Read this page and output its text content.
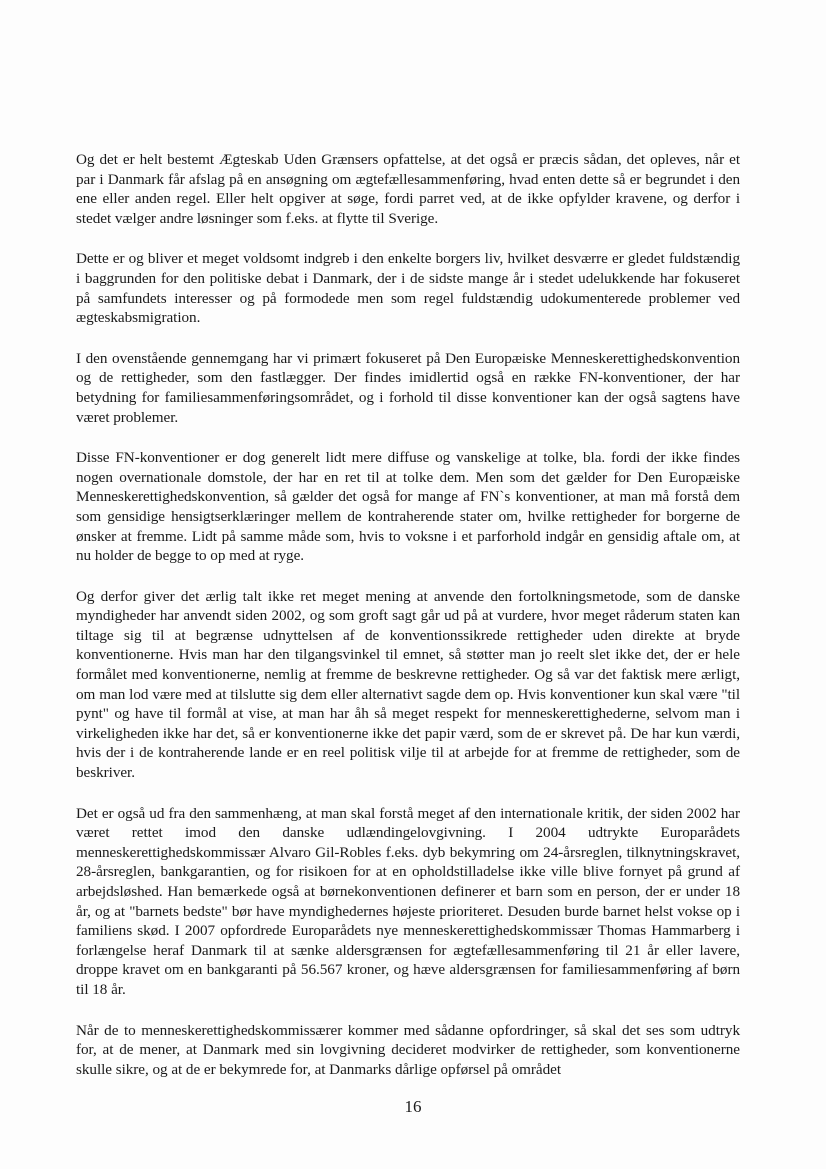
Og det er helt bestemt Ægteskab Uden Grænsers opfattelse, at det også er præcis sådan, det opleves, når et par i Danmark får afslag på en ansøgning om ægtefællesammenføring, hvad enten dette så er begrundet i den ene eller anden regel. Eller helt opgiver at søge, fordi parret ved, at de ikke opfylder kravene, og derfor i stedet vælger andre løsninger som f.eks. at flytte til Sverige.

Dette er og bliver et meget voldsomt indgreb i den enkelte borgers liv, hvilket desværre er gledet fuldstændig i baggrunden for den politiske debat i Danmark, der i de sidste mange år i stedet udelukkende har fokuseret på samfundets interesser og på formodede men som regel fuldstændig udokumenterede problemer ved ægteskabsmigration.

I den ovenstående gennemgang har vi primært fokuseret på Den Europæiske Menneskerettighedskonvention og de rettigheder, som den fastlægger. Der findes imidlertid også en række FN-konventioner, der har betydning for familiesammenføringsområdet, og i forhold til disse konventioner kan der også sagtens have været problemer.

Disse FN-konventioner er dog generelt lidt mere diffuse og vanskelige at tolke, bla. fordi der ikke findes nogen overnationale domstole, der har en ret til at tolke dem. Men som det gælder for Den Europæiske Menneskerettighedskonvention, så gælder det også for mange af FN`s konventioner, at man må forstå dem som gensidige hensigtserklæringer mellem de kontraherende stater om, hvilke rettigheder for borgerne de ønsker at fremme. Lidt på samme måde som, hvis to voksne i et parforhold indgår en gensidig aftale om, at nu holder de begge to op med at ryge.

Og derfor giver det ærlig talt ikke ret meget mening at anvende den fortolkningsmetode, som de danske myndigheder har anvendt siden 2002, og som groft sagt går ud på at vurdere, hvor meget råderum staten kan tiltage sig til at begrænse udnyttelsen af de konventionssikrede rettigheder uden direkte at bryde konventionerne. Hvis man har den tilgangsvinkel til emnet, så støtter man jo reelt slet ikke det, der er hele formålet med konventionerne, nemlig at fremme de beskrevne rettigheder. Og så var det faktisk mere ærligt, om man lod være med at tilslutte sig dem eller alternativt sagde dem op. Hvis konventioner kun skal være "til pynt" og have til formål at vise, at man har åh så meget respekt for menneskerettighederne, selvom man i virkeligheden ikke har det, så er konventionerne ikke det papir værd, som de er skrevet på. De har kun værdi, hvis der i de kontraherende lande er en reel politisk vilje til at arbejde for at fremme de rettigheder, som de beskriver.

Det er også ud fra den sammenhæng, at man skal forstå meget af den internationale kritik, der siden 2002 har været rettet imod den danske udlændingelovgivning. I 2004 udtrykte Europarådets menneskerettighedskommissær Alvaro Gil-Robles f.eks. dyb bekymring om 24-årsreglen, tilknytningskravet, 28-årsreglen, bankgarantien, og for risikoen for at en opholdstilladelse ikke ville blive fornyet på grund af arbejdsløshed. Han bemærkede også at børnekonventionen definerer et barn som en person, der er under 18 år, og at "barnets bedste" bør have myndighedernes højeste prioriteret. Desuden burde barnet helst vokse op i familiens skød. I 2007 opfordrede Europarådets nye menneskerettighedskommissær Thomas Hammarberg i forlængelse heraf Danmark til at sænke aldersgrænsen for ægtefællesammenføring til 21 år eller lavere, droppe kravet om en bankgaranti på 56.567 kroner, og hæve aldersgrænsen for familiesammenføring af børn til 18 år.

Når de to menneskerettighedskommissærer kommer med sådanne opfordringer, så skal det ses som udtryk for, at de mener, at Danmark med sin lovgivning decideret modvirker de rettigheder, som konventionerne skulle sikre, og at de er bekymrede for, at Danmarks dårlige opførsel på området

16
